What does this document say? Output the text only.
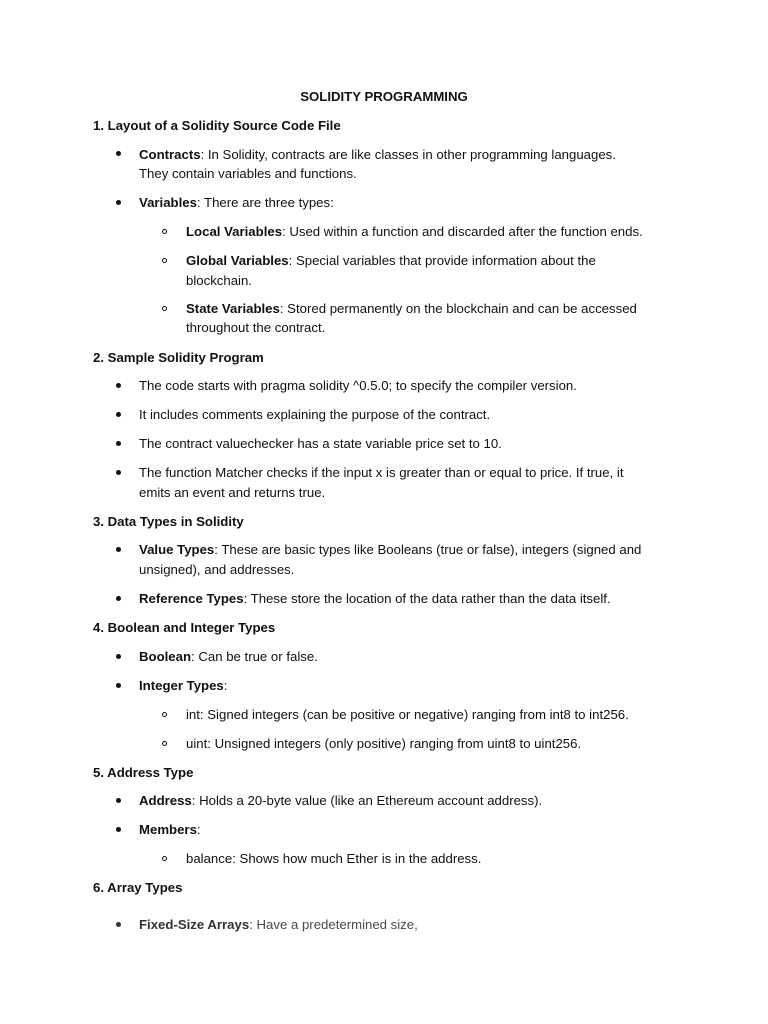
SOLIDITY PROGRAMMING
1. Layout of a Solidity Source Code File
Contracts: In Solidity, contracts are like classes in other programming languages.
They contain variables and functions.
Variables: There are three types:
Local Variables: Used within a function and discarded after the function ends.
Global Variables: Special variables that provide information about the
blockchain.
State Variables: Stored permanently on the blockchain and can be accessed
throughout the contract.
2. Sample Solidity Program
The code starts with pragma solidity ^0.5.0; to specify the compiler version.
It includes comments explaining the purpose of the contract.
The contract valuechecker has a state variable price set to 10.
The function Matcher checks if the input x is greater than or equal to price. If true, it
emits an event and returns true.
3. Data Types in Solidity
Value Types: These are basic types like Booleans (true or false), integers (signed and
unsigned), and addresses.
Reference Types: These store the location of the data rather than the data itself.
4. Boolean and Integer Types
Boolean: Can be true or false.
Integer Types:
int: Signed integers (can be positive or negative) ranging from int8 to int256.
uint: Unsigned integers (only positive) ranging from uint8 to uint256.
5. Address Type
Address: Holds a 20-byte value (like an Ethereum account address).
Members:
balance: Shows how much Ether is in the address.
6. Array Types
Fixed-Size Arrays: Have a predetermined size,
